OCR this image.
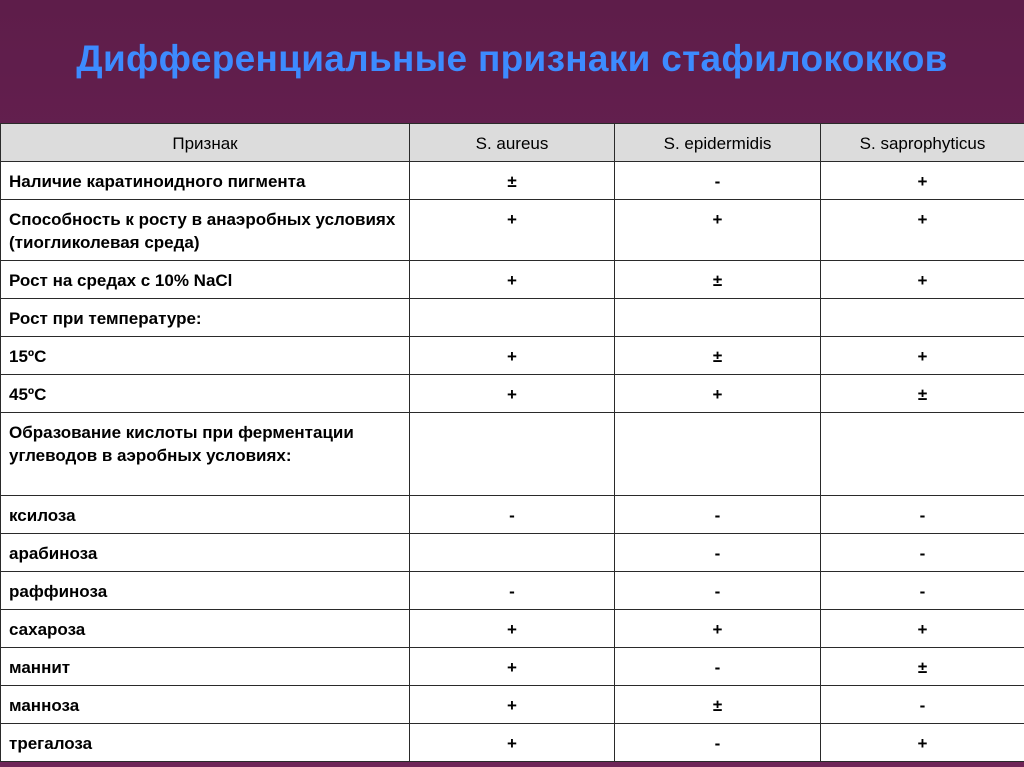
Дифференциальные признаки стафилококков

Признак	S. aureus	S. epidermidis	S. saprophyticus
Наличие каратиноидного пигмента	±	-	+
Способность к росту в анаэробных условиях (тиогликолевая среда)	+	+	+
Рост на средах с 10% NaCl	+	±	+
Рост при температуре:			
15ºC	+	±	+
45ºC	+	+	±
Образование кислоты при ферментации углеводов в аэробных условиях:			
ксилоза	-	-	-
арабиноза		-	-
раффиноза	-	-	-
сахароза	+	+	+
маннит	+	-	±
манноза	+	±	-
трегалоза	+	-	+
